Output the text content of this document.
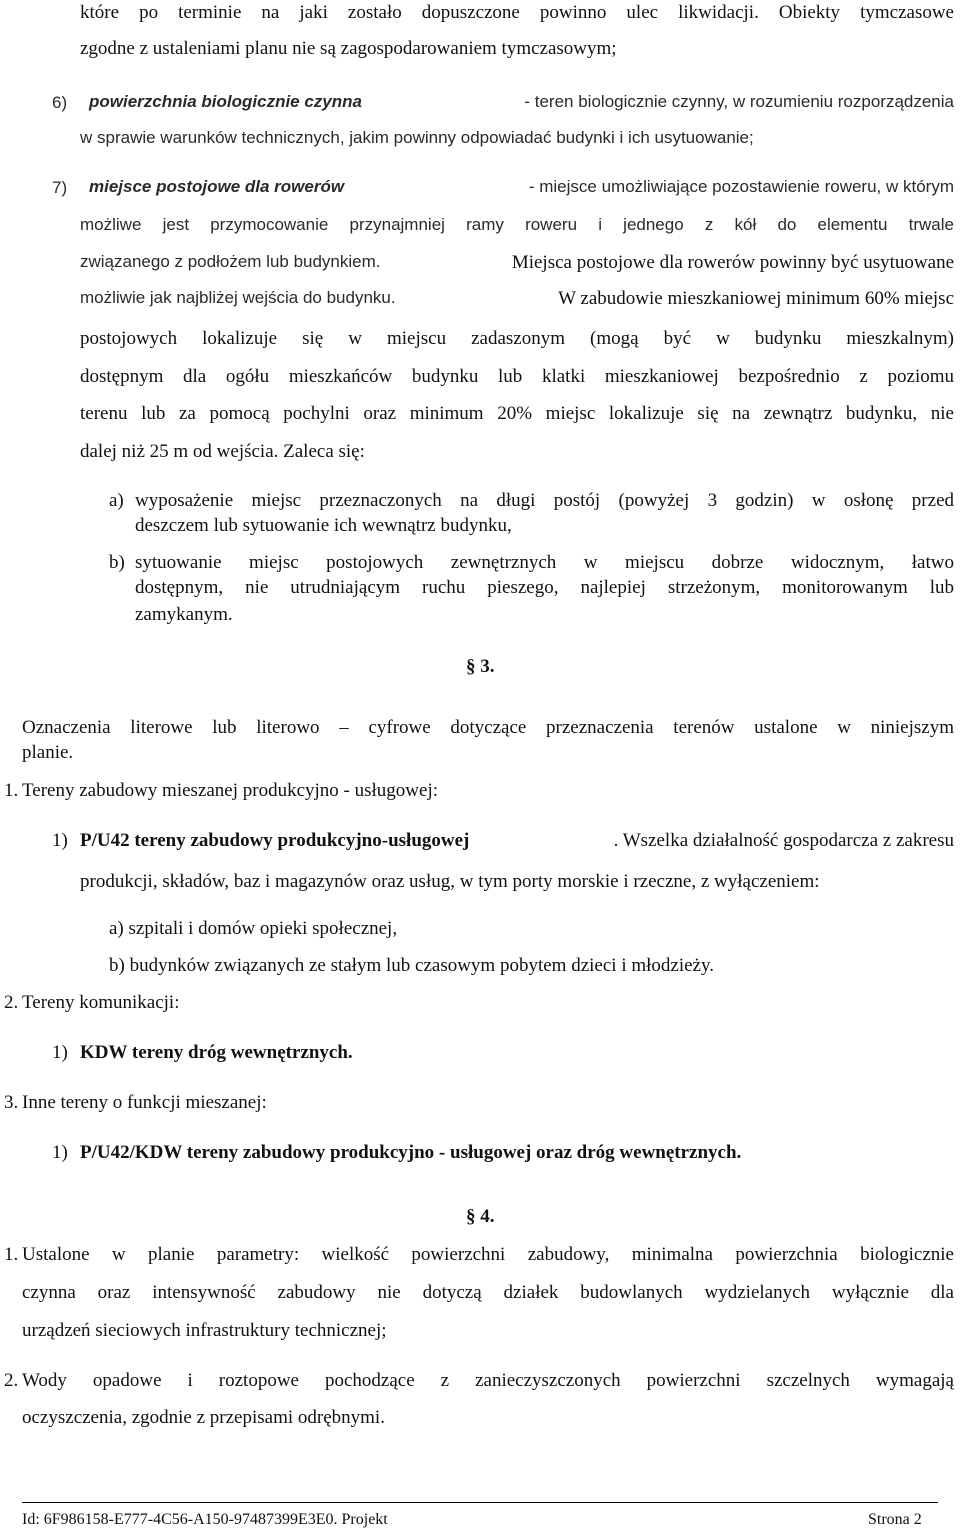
które po terminie na jaki zostało dopuszczone powinno ulec likwidacji. Obiekty tymczasowe
zgodne z ustaleniami planu nie są zagospodarowaniem tymczasowym;
6) powierzchnia biologicznie czynna	- teren biologicznie czynny, w rozumieniu rozporządzenia
w sprawie warunków technicznych, jakim powinny odpowiadać budynki i ich usytuowanie;
7) miejsce postojowe dla rowerów	- miejsce umożliwiające pozostawienie roweru, w którym
możliwe jest przymocowanie przynajmniej ramy roweru i jednego z kół do elementu trwale
związanego z podłożem lub budynkiem.	Miejsca postojowe dla rowerów powinny być usytuowane
możliwie jak najbliżej wejścia do budynku.	W zabudowie mieszkaniowej minimum 60% miejsc
postojowych lokalizuje się w miejscu zadaszonym (mogą być w budynku mieszkalnym)
dostępnym dla ogółu mieszkańców budynku lub klatki mieszkaniowej bezpośrednio z poziomu
terenu lub za pomocą pochylni oraz minimum 20% miejsc lokalizuje się na zewnątrz budynku, nie
dalej niż 25 m od wejścia. Zaleca się:
a) wyposażenie miejsc przeznaczonych na długi postój (powyżej 3 godzin) w osłonę przed
deszczem lub sytuowanie ich wewnątrz budynku,
b) sytuowanie miejsc postojowych zewnętrznych w miejscu dobrze widocznym, łatwo
dostępnym, nie utrudniającym ruchu pieszego, najlepiej strzeżonym, monitorowanym lub
zamykanym.
§ 3.
Oznaczenia literowe lub literowo – cyfrowe dotyczące przeznaczenia terenów ustalone w niniejszym
planie.
1. Tereny zabudowy mieszanej produkcyjno - usługowej:
1) P/U42 tereny zabudowy produkcyjno-usługowej	. Wszelka działalność gospodarcza z zakresu
produkcji, składów, baz i magazynów oraz usług, w tym porty morskie i rzeczne, z wyłączeniem:
a) szpitali i domów opieki społecznej,
b) budynków związanych ze stałym lub czasowym pobytem dzieci i młodzieży.
2. Tereny komunikacji:
1) KDW tereny dróg wewnętrznych.
3. Inne tereny o funkcji mieszanej:
1) P/U42/KDW tereny zabudowy produkcyjno - usługowej oraz dróg wewnętrznych.
§ 4.
1. Ustalone w planie parametry: wielkość powierzchni zabudowy, minimalna powierzchnia biologicznie
czynna oraz intensywność zabudowy nie dotyczą działek budowlanych wydzielanych wyłącznie dla
urządzeń sieciowych infrastruktury technicznej;
2. Wody opadowe i roztopowe pochodzące z zanieczyszczonych powierzchni szczelnych wymagają
oczyszczenia, zgodnie z przepisami odrębnymi.
Id: 6F986158-E777-4C56-A150-97487399E3E0. Projekt	Strona 2
